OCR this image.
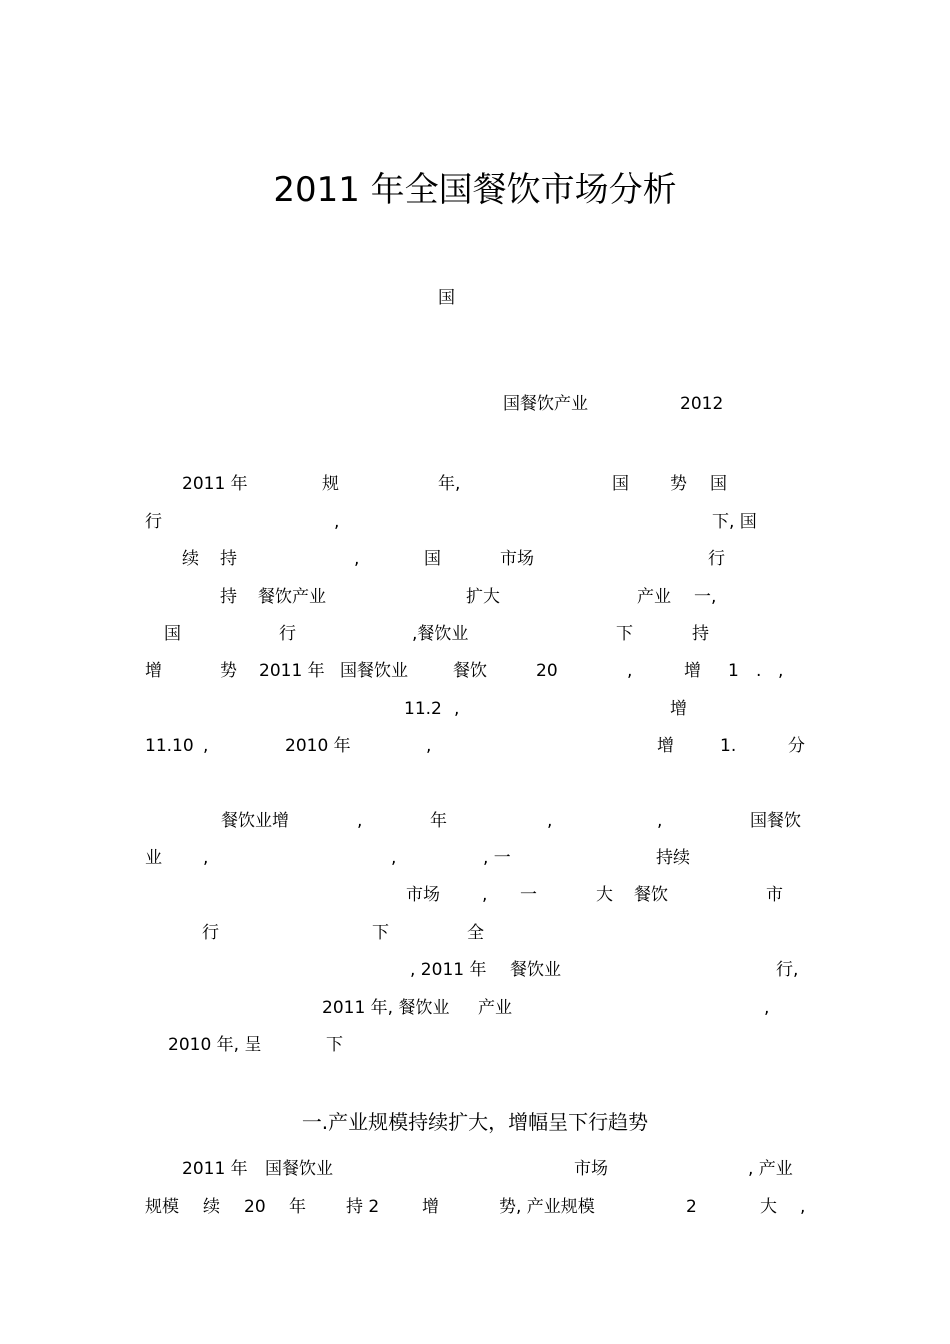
2011 年全国餐饮市场分析
国
国餐饮产业	2012
2011 年	规	年,	国 势 国
行	,	下, 国
续 持	,	国	市场	行
持 餐饮产业	扩大	产业 一,
国	行	,餐饮业	下	持
增	势 2011 年 国餐饮业	餐饮	20	,	增 1 . ,
11.2 ,	增
11.10 ,	2010 年	,	增	1.	分
餐饮业增	,	年	,	,	国餐饮
业 ,	,	, 一	持续
市场 , 一	大 餐饮	市
行	下	全
, 2011 年 餐饮业	行,
2011 年, 餐饮业 产业	,
2010 年, 呈	下
一.产业规模持续扩大，增幅呈下行趋势
2011 年 国餐饮业	市场	, 产业
规模 续 20 年 持 2	增	势, 产业规模	2	大 ,
